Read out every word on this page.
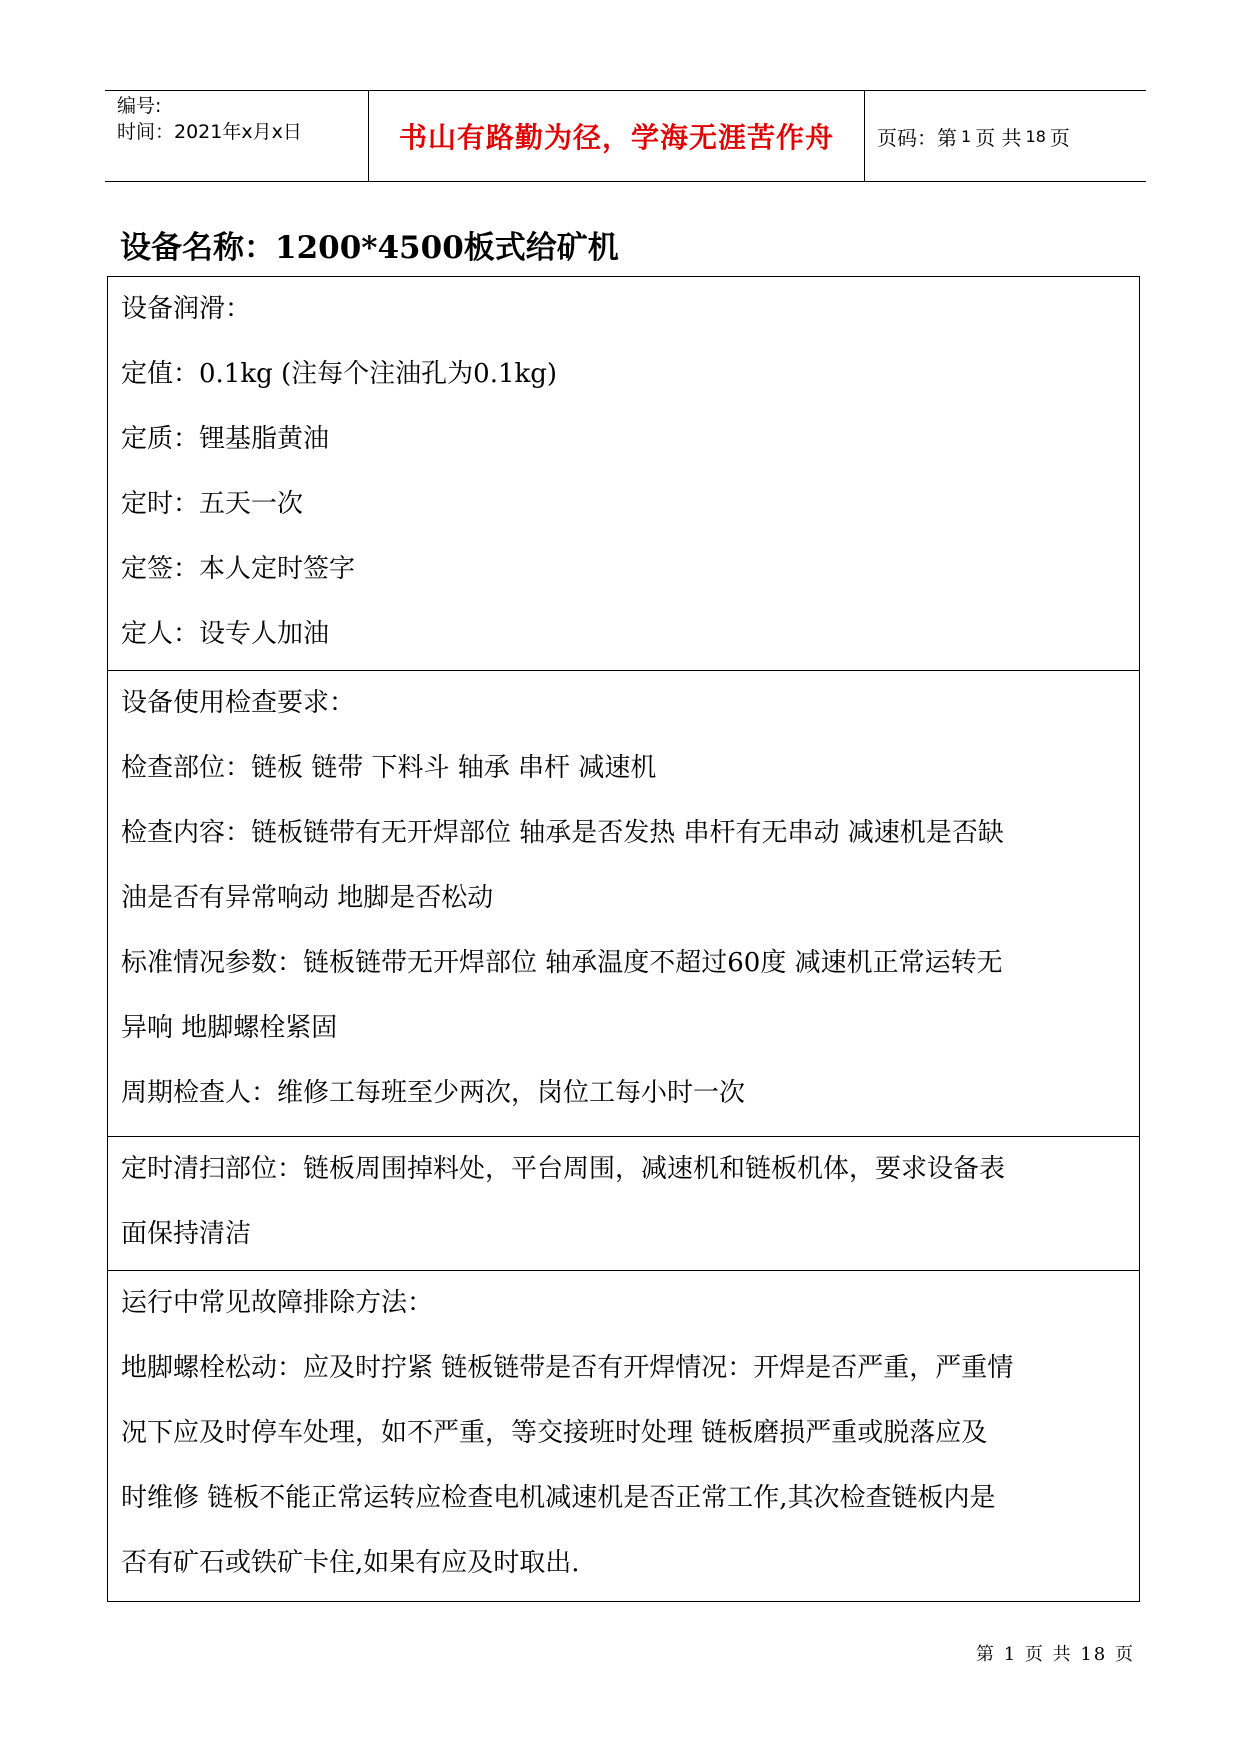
编号:
时间：2021年x月x日	书山有路勤为径，学海无涯苦作舟 页码：第 1 页 共 18 页
设备名称：1200*4500板式给矿机
设备润滑：
定值：0.1kg (注每个注油孔为0.1kg)
定质：锂基脂黄油
定时：五天一次
定签：本人定时签字
定人：设专人加油
设备使用检查要求：
检查部位：链板 链带 下料斗 轴承 串杆 减速机
检查内容：链板链带有无开焊部位 轴承是否发热 串杆有无串动 减速机是否缺
油是否有异常响动 地脚是否松动
标准情况参数：链板链带无开焊部位 轴承温度不超过60度 减速机正常运转无
异响 地脚螺栓紧固
周期检查人：维修工每班至少两次，岗位工每小时一次
定时清扫部位：链板周围掉料处，平台周围，减速机和链板机体，要求设备表
面保持清洁
运行中常见故障排除方法：
地脚螺栓松动：应及时拧紧 链板链带是否有开焊情况：开焊是否严重，严重情
况下应及时停车处理，如不严重，等交接班时处理 链板磨损严重或脱落应及
时维修 链板不能正常运转应检查电机减速机是否正常工作,其次检查链板内是
否有矿石或铁矿卡住,如果有应及时取出.
第 1 页 共 18 页
